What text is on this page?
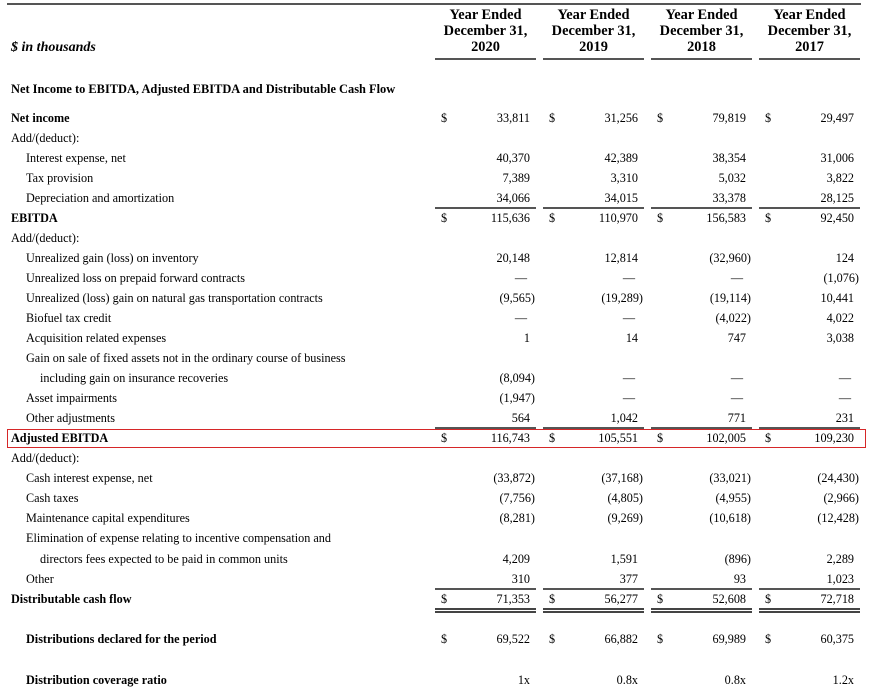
$ in thousands
Year Ended
December 31,
2020
Year Ended
December 31,
2019
Year Ended
December 31,
2018
Year Ended
December 31,
2017
Net Income to EBITDA, Adjusted EBITDA and Distributable Cash Flow
Net income	$	33,811 $	31,256 $	79,819 $	29,497
Add/(deduct):
Interest expense, net	40,370	42,389	38,354	31,006
Tax provision	7,389	3,310	5,032	3,822
Depreciation and amortization	34,066	34,015	33,378	28,125
EBITDA	$	115,636 $	110,970 $	156,583 $	92,450
Add/(deduct):
Unrealized gain (loss) on inventory	20,148	12,814	(32,960)	124
Unrealized loss on prepaid forward contracts	—	—	—	(1,076)
Unrealized (loss) gain on natural gas transportation contracts	(9,565)	(19,289)	(19,114)	10,441
Biofuel tax credit	—	—	(4,022)	4,022
Acquisition related expenses	1	14	747	3,038
Gain on sale of fixed assets not in the ordinary course of business
including gain on insurance recoveries	(8,094)	—	—	—
Asset impairments	(1,947)	—	—	—
Other adjustments	564	1,042	771	231
Adjusted EBITDA	$	116,743 $	105,551 $	102,005 $	109,230
Add/(deduct):
Cash interest expense, net	(33,872)	(37,168)	(33,021)	(24,430)
Cash taxes	(7,756)	(4,805)	(4,955)	(2,966)
Maintenance capital expenditures	(8,281)	(9,269)	(10,618)	(12,428)
Elimination of expense relating to incentive compensation and
directors fees expected to be paid in common units	4,209	1,591	(896)	2,289
Other	310	377	93	1,023
Distributable cash flow	$	71,353 $	56,277 $	52,608 $	72,718
Distributions declared for the period	$	69,522 $	66,882 $	69,989 $	60,375
Distribution coverage ratio	1x	0.8x	0.8x	1.2x
